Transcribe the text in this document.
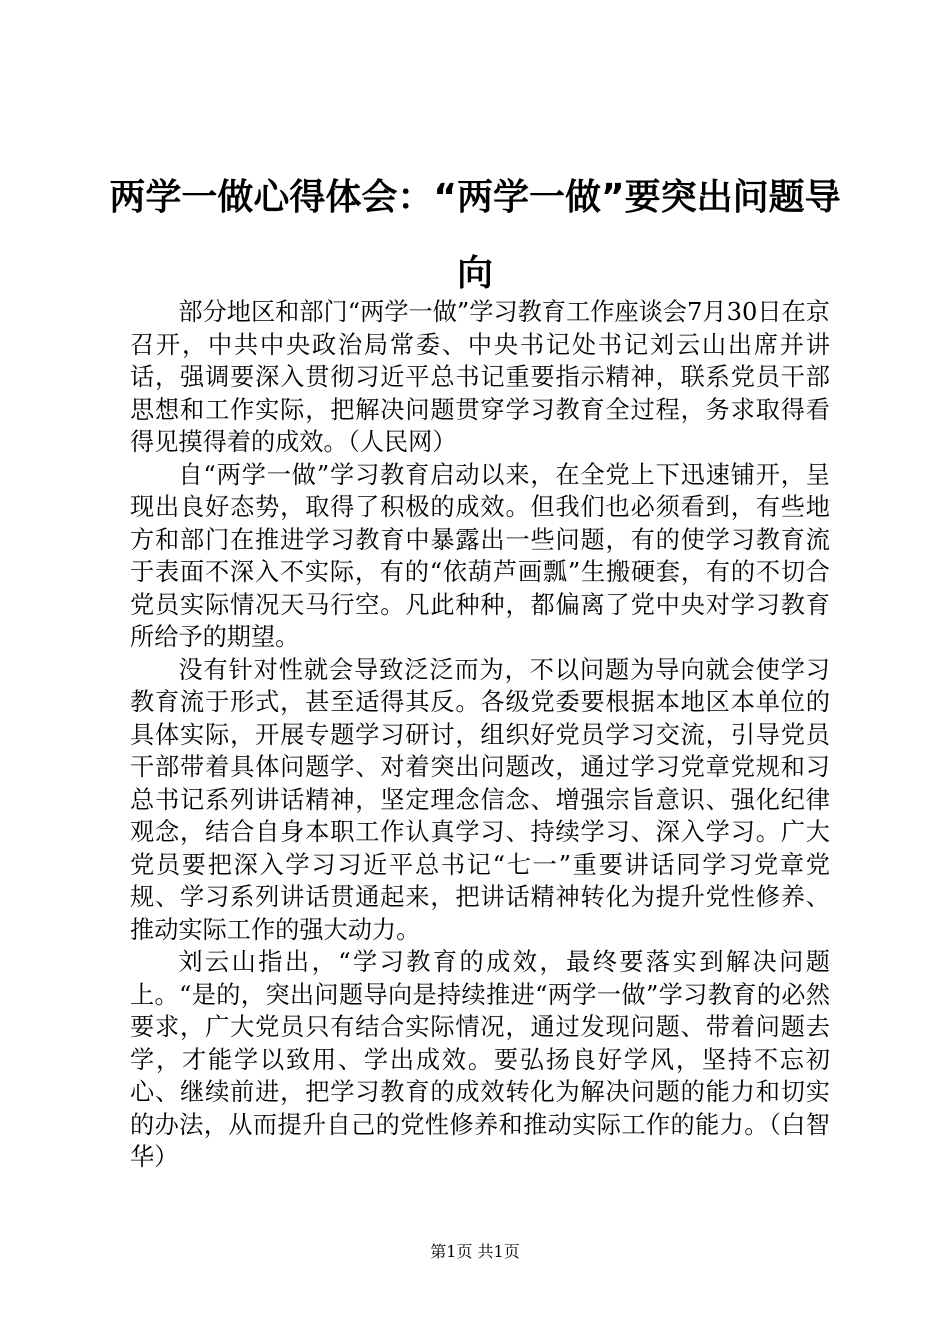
两学一做心得体会：“两学一做”要突出问题导向

部分地区和部门“两学一做”学习教育工作座谈会7月30日在京召开，中共中央政治局常委、中央书记处书记刘云山出席并讲话，强调要深入贯彻习近平总书记重要指示精神，联系党员干部思想和工作实际，把解决问题贯穿学习教育全过程，务求取得看得见摸得着的成效。（人民网）

自“两学一做”学习教育启动以来，在全党上下迅速铺开，呈现出良好态势，取得了积极的成效。但我们也必须看到，有些地方和部门在推进学习教育中暴露出一些问题，有的使学习教育流于表面不深入不实际，有的“依葫芦画瓢”生搬硬套，有的不切合党员实际情况天马行空。凡此种种，都偏离了党中央对学习教育所给予的期望。

没有针对性就会导致泛泛而为，不以问题为导向就会使学习教育流于形式，甚至适得其反。各级党委要根据本地区本单位的具体实际，开展专题学习研讨，组织好党员学习交流，引导党员干部带着具体问题学、对着突出问题改，通过学习党章党规和习总书记系列讲话精神，坚定理念信念、增强宗旨意识、强化纪律观念，结合自身本职工作认真学习、持续学习、深入学习。广大党员要把深入学习习近平总书记“七一”重要讲话同学习党章党规、学习系列讲话贯通起来，把讲话精神转化为提升党性修养、推动实际工作的强大动力。

刘云山指出，“学习教育的成效，最终要落实到解决问题上。“是的，突出问题导向是持续推进“两学一做”学习教育的必然要求，广大党员只有结合实际情况，通过发现问题、带着问题去学，才能学以致用、学出成效。要弘扬良好学风，坚持不忘初心、继续前进，把学习教育的成效转化为解决问题的能力和切实的办法，从而提升自己的党性修养和推动实际工作的能力。（白智华）

第1页 共1页
